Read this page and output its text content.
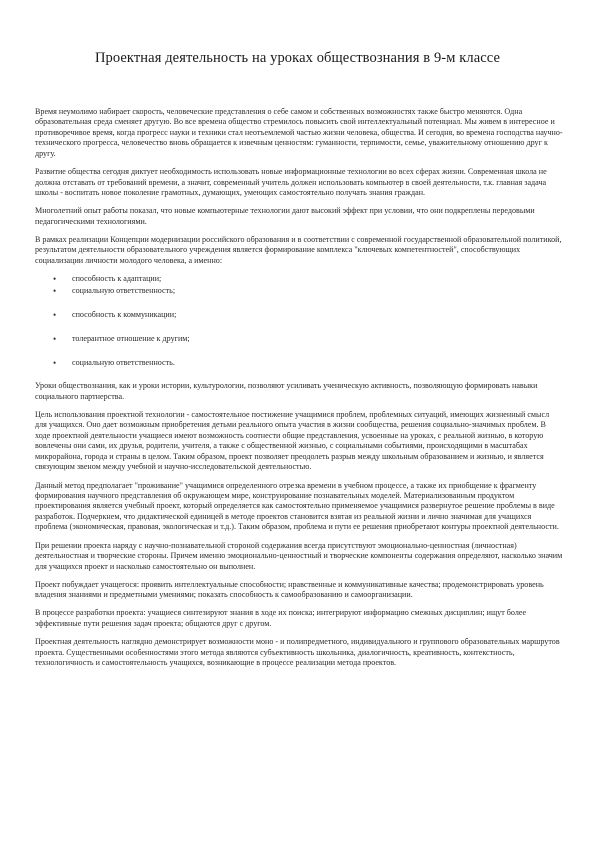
Проектная деятельность на уроках обществознания в 9-м классе

Время неумолимо набирает скорость, человеческие представления о себе самом и собственных возможностях также быстро меняются. Одна образовательная среда сменяет другую. Во все времена общество стремилось повысить свой интеллектуальный потенциал. Мы живем в интересное и противоречивое время, когда прогресс науки и техники стал неотъемлемой частью жизни человека, общества. И сегодня, во времена господства научно-технического прогресса, человечество вновь обращается к извечным ценностям: гуманности, терпимости, семье, уважительному отношению друг к другу.

Развитие общества сегодня диктует необходимость использовать новые информационные технологии во всех сферах жизни. Современная школа не должна отставать от требований времени, а значит, современный учитель должен использовать компьютер в своей деятельности, т.к. главная задача школы - воспитать новое поколение грамотных, думающих, умеющих самостоятельно получать знания граждан.

Многолетний опыт работы показал, что новые компьютерные технологии дают высокий эффект при условии, что они подкреплены передовыми педагогическими технологиями.

В рамках реализации Концепции модернизации российского образования и в соответствии с современной государственной образовательной политикой, результатом деятельности образовательного учреждения является формирование комплекса "ключевых компетентностей", способствующих социализации личности молодого человека, а именно:

• способность к адаптации;
• социальную ответственность;
• способность к коммуникации;
• толерантное отношение к другим;
• социальную ответственность.

Уроки обществознания, как и уроки истории, культурологии, позволяют усиливать ученическую активность, позволяющую формировать навыки социального партнерства.

Цель использования проектной технологии - самостоятельное постижение учащимися проблем, проблемных ситуаций, имеющих жизненный смысл для учащихся. Оно дает возможным приобретения детьми реального опыта участия в жизни сообщества, решения социально-значимых проблем. В ходе проектной деятельности учащиеся имеют возможность соотнести общие представления, усвоенные на уроках, с реальной жизнью, в которую вовлечены они сами, их друзья, родители, учителя, а также с общественной жизнью, с социальными событиями, происходящими в масштабах микрорайона, города и страны в целом. Таким образом, проект позволяет преодолеть разрыв между школьным образованием и жизнью, и является связующим звеном между учебной и научно-исследовательской деятельностью.

Данный метод предполагает "проживание" учащимися определенного отрезка времени в учебном процессе, а также их приобщение к фрагменту формирования научного представления об окружающем мире, конструирование познавательных моделей. Материализованным продуктом проектирования является учебный проект, который определяется как самостоятельно применяемое учащимися развернутое решение проблемы в виде разработок. Подчеркнем, что дидактической единицей в методе проектов становится взятая из реальной жизни и лично значимая для учащихся проблема (экономическая, правовая, экологическая и т.д.). Таким образом, проблема и пути ее решения приобретают контуры проектной деятельности.

При решении проекта наряду с научно-познавательной стороной содержания всегда присутствуют эмоционально-ценностная (личностная) деятельностная и творческие стороны. Причем именно эмоционально-ценностный и творческие компоненты содержания определяют, насколько значим для учащихся проект и насколько самостоятельно он выполнен.

Проект побуждает учащегося: проявить интеллектуальные способности; нравственные и коммуникативные качества; продемонстрировать уровень владения знаниями и предметными умениями; показать способность к самообразованию и самоорганизации.

В процессе разработки проекта: учащиеся синтезируют знания в ходе их поиска; интегрируют информацию смежных дисциплин; ищут более эффективные пути решения задач проекта; общаются друг с другом.

Проектная деятельность наглядно демонстрирует возможности моно - и полипредметного, индивидуального и группового образовательных маршрутов проекта. Существенными особенностями этого метода являются субъективность школьника, диалогичность, креативность, контекстность, технологичность и самостоятельность учащихся, возникающие в процессе реализации метода проектов.
